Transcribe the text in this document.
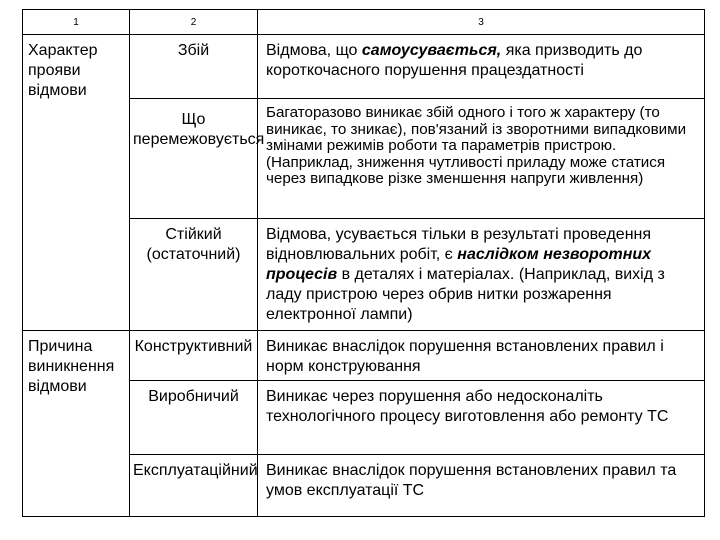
1	2	3
Характер прояви відмови	Збій	Відмова, що самоусувається, яка призводить до короткочасного порушення працездатності
	Що перемежовується	Багаторазово виникає збій одного і того ж характеру (то виникає, то зникає), пов'язаний із зворотними випадковими змінами режимів роботи та параметрів пристрою. (Наприклад, зниження чутливості приладу може статися через випадкове різке зменшення напруги живлення)
	Стійкий (остаточний)	Відмова, усувається тільки в результаті проведення відновлювальних робіт, є наслідком незворотних процесів в деталях і матеріалах. (Наприклад, вихід з ладу пристрою через обрив нитки розжарення електронної лампи)
Причина виникнення відмови	Конструктивний	Виникає внаслідок порушення встановлених правил і норм конструювання
	Виробничий	Виникає через порушення або недосконаліть технологічного процесу виготовлення або ремонту ТС
	Експлуатаційний	Виникає внаслідок порушення встановлених правил та умов експлуатації ТС
